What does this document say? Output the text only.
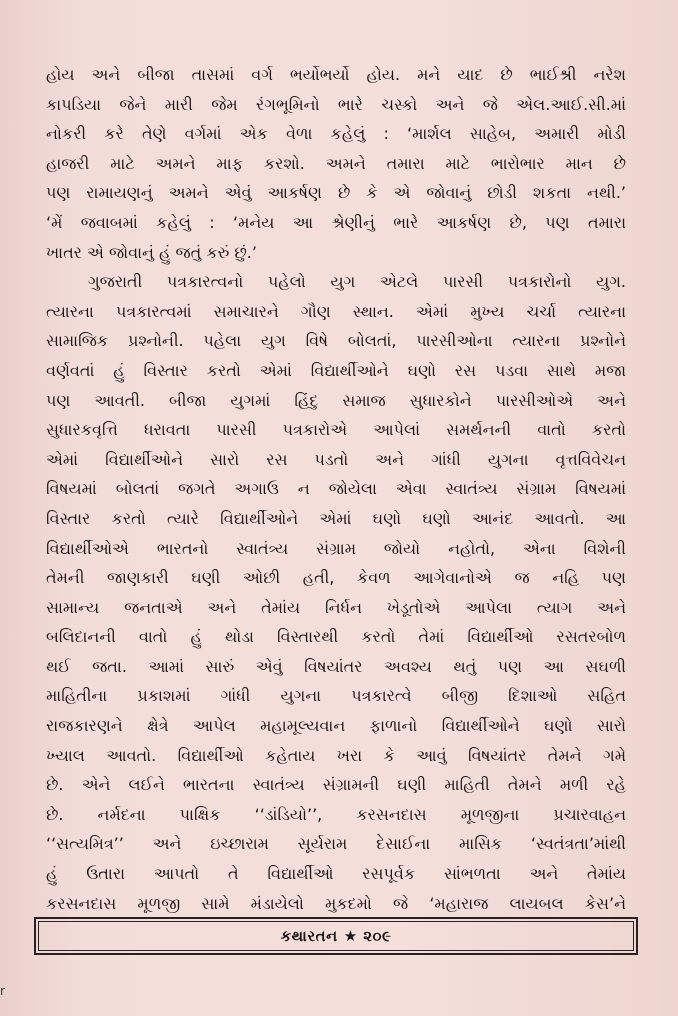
હોય અને બીજા તાસમાં વર્ગ ભર્યોભર્યો હોય. મને યાદ છે ભાઈશ્રી નરેશ
કાપડિયા જેને મારી જેમ રંગભૂમિનો ભારે ચસ્કો અને જે એલ.આઈ.સી.માં
નોકરી કરે તેણે વર્ગમાં એક વેળા કહેલું : ‘માર્શલ સાહેબ, અમારી મોડી
હાજરી માટે અમને માફ કરશો. અમને તમારા માટે ભારોભાર માન છે
પણ રામાયણનું અમને એવું આકર્ષણ છે કે એ જોવાનું છોડી શકતા નથી.’
‘મેં જવાબમાં કહેલું : ‘મનેય આ શ્રેણીનું ભારે આકર્ષણ છે, પણ તમારા
ખાતર એ જોવાનું હું જતું કરું છું.’
ગુજરાતી પત્રકારત્વનો પહેલો યુગ એટલે પારસી પત્રકારોનો યુગ.
ત્યારના પત્રકારત્વમાં સમાચારને ગૌણ સ્થાન. એમાં મુખ્ય ચર્ચા ત્યારના
સામાજિક પ્રશ્નોની. પહેલા યુગ વિષે બોલતાં, પારસીઓના ત્યારના પ્રશ્નોને
વર્ણવતાં હું વિસ્તાર કરતો એમાં વિદ્યાર્થીઓને ઘણો રસ પડવા સાથે મજા
પણ આવતી. બીજા યુગમાં હિંદુ સમાજ સુધારકોને પારસીઓએ અને
સુધારકવૃત્તિ ધરાવતા પારસી પત્રકારોએ આપેલાં સમર્થનની વાતો કરતો
એમાં વિદ્યાર્થીઓને સારો રસ પડતો અને ગાંધી યુગના વૃત્તવિવેચન
વિષયમાં બોલતાં જગતે અગાઉ ન જોયેલા એવા સ્વાતંત્ર્ય સંગ્રામ વિષયમાં
વિસ્તાર કરતો ત્યારે વિદ્યાર્થીઓને એમાં ઘણો ઘણો આનંદ આવતો. આ
વિદ્યાર્થીઓએ ભારતનો સ્વાતંત્ર્ય સંગ્રામ જોયો નહોતો, એના વિશેની
તેમની જાણકારી ઘણી ઓછી હતી, કેવળ આગેવાનોએ જ નહિ પણ
સામાન્ય જનતાએ અને તેમાંય નિર્ધન ખેડૂતોએ આપેલા ત્યાગ અને
બલિદાનની વાતો હું થોડા વિસ્તારથી કરતો તેમાં વિદ્યાર્થીઓ રસતરબોળ
થઈ જતા. આમાં સારું એવું વિષયાંતર અવશ્ય થતું પણ આ સઘળી
માહિતીના પ્રકાશમાં ગાંધી યુગના પત્રકારત્વે બીજી દિશાઓ સહિત
રાજકારણને ક્ષેત્રે આપેલ મહામૂલ્યવાન ફાળાનો વિદ્યાર્થીઓને ઘણો સારો
ખ્યાલ આવતો. વિદ્યાર્થીઓ કહેતાય ખરા કે આવું વિષયાંતર તેમને ગમે
છે. એને લઈને ભારતના સ્વાતંત્ર્ય સંગ્રામની ઘણી માહિતી તેમને મળી રહે
છે. નર્મદના પાક્ષિક ‘‘ડાંડિયો’’, કરસનદાસ મૂળજીના પ્રચારવાહન
‘‘સત્યમિત્ર’’ અને ઇચ્છારામ સૂર્યરામ દેસાઈના માસિક ‘સ્વતંત્રતા’માંથી
હું ઉતારા આપતો તે વિદ્યાર્થીઓ રસપૂર્વક સાંભળતા અને તેમાંય
કરસનદાસ મૂળજી સામે મંડાયેલો મુકદમો જે ‘મહારાજ લાયબલ કેસ’ને
કથારતન ★ ૨૦૯
r
